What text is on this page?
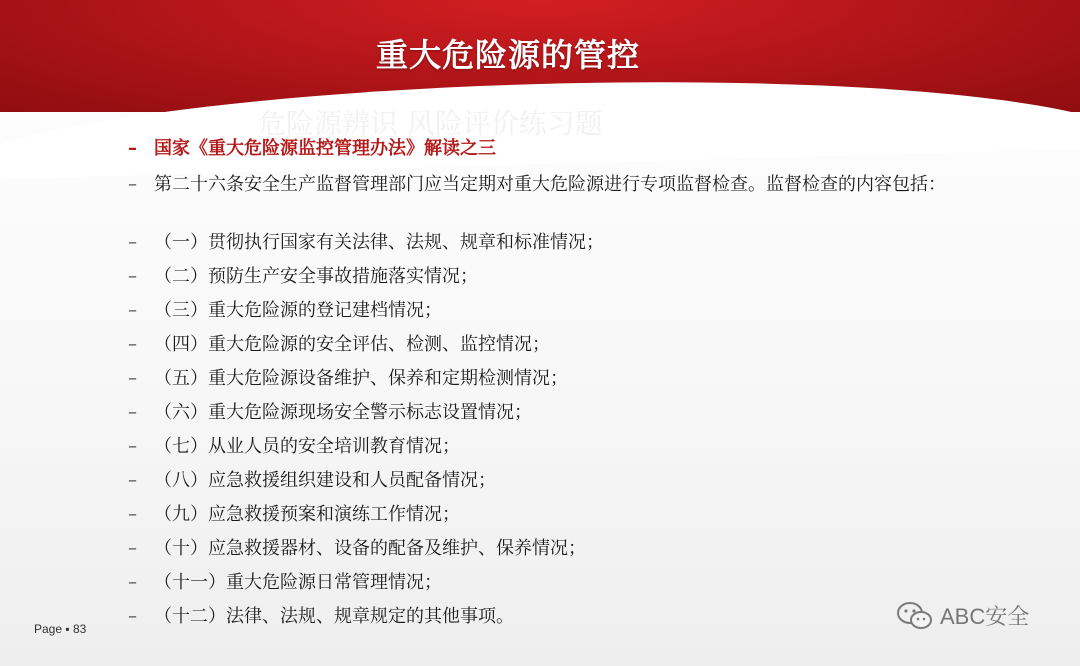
重大危险源的管控
危险源辨识 风险评价练习题
– 国家《重大危险源监控管理办法》解读之三
– 第二十六条安全生产监督管理部门应当定期对重大危险源进行专项监督检查。监督检查的内容包括：
– （一）贯彻执行国家有关法律、法规、规章和标准情况；
– （二）预防生产安全事故措施落实情况；
– （三）重大危险源的登记建档情况；
– （四）重大危险源的安全评估、检测、监控情况；
– （五）重大危险源设备维护、保养和定期检测情况；
– （六）重大危险源现场安全警示标志设置情况；
– （七）从业人员的安全培训教育情况；
– （八）应急救援组织建设和人员配备情况；
– （九）应急救援预案和演练工作情况；
– （十）应急救援器材、设备的配备及维护、保养情况；
– （十一）重大危险源日常管理情况；
– （十二）法律、法规、规章规定的其他事项。
Page ▪ 83	ABC安全
